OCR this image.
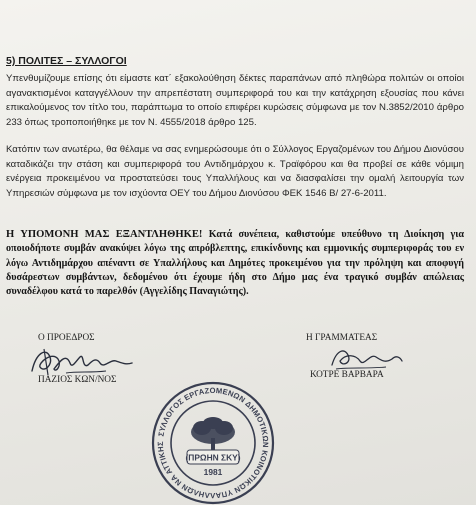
5) ΠΟΛΙΤΕΣ – ΣΥΛΛΟΓΟΙ

Υπενθυμίζουμε επίσης ότι είμαστε κατ΄ εξακολούθηση δέκτες παραπάνων από πληθώρα πολιτών οι οποίοι αγανακτισμένοι καταγγέλλουν την απρεπέστατη συμπεριφορά του και την κατάχρηση εξουσίας που κάνει επικαλούμενος τον τίτλο του, παράπτωμα το οποίο επιφέρει κυρώσεις σύμφωνα με τον Ν.3852/2010 άρθρο 233 όπως τροποποιήθηκε με τον Ν. 4555/2018 άρθρο 125.

Κατόπιν των ανωτέρω, θα θέλαμε να σας ενημερώσουμε ότι ο Σύλλογος Εργαζομένων του Δήμου Διονύσου καταδικάζει την στάση και συμπεριφορά του Αντιδημάρχου κ. Τραϊφόρου και θα προβεί σε κάθε νόμιμη ενέργεια προκειμένου να προστατεύσει τους Υπαλλήλους και να διασφαλίσει την ομαλή λειτουργία των Υπηρεσιών σύμφωνα με τον ισχύοντα ΟΕΥ του Δήμου Διονύσου ΦΕΚ 1546 Β/ 27-6-2011.

Η ΥΠΟΜΟΝΗ ΜΑΣ ΕΞΑΝΤΛΗΘΗΚΕ! Κατά συνέπεια, καθιστούμε υπεύθυνο τη Διοίκηση για οποιοδήποτε συμβάν ανακύψει λόγω της απρόβλεπτης, επικίνδυνης και εμμονικής συμπεριφοράς του εν λόγω Αντιδημάρχου απέναντι σε Υπαλλήλους και Δημότες προκειμένου για την πρόληψη και αποφυγή δυσάρεστων συμβάντων, δεδομένου ότι έχουμε ήδη στο Δήμο μας ένα τραγικό συμβάν απώλειας συναδέλφου κατά το παρελθόν (Αγγελίδης Παναγιώτης).

Ο ΠΡΟΕΔΡΟΣ
ΠΑΖΙΟΣ ΚΩΝ/ΝΟΣ
Η ΓΡΑΜΜΑΤΕΑΣ
ΚΟΤΡΕ ΒΑΡΒΑΡΑ
ΣΥΛΛΟΓΟΣ ΕΡΓΑΖΟΜΕΝΩΝ ΔΗΜΟΤΙΚΩΝ ΚΟΙΝΟΤΙΚΩΝ ΥΠΑΛΛΗΛΩΝ ΝΑ ΑΤΤΙΚΗΣ
(ΠΡΩΗΝ ΣΚΥ)
1981
